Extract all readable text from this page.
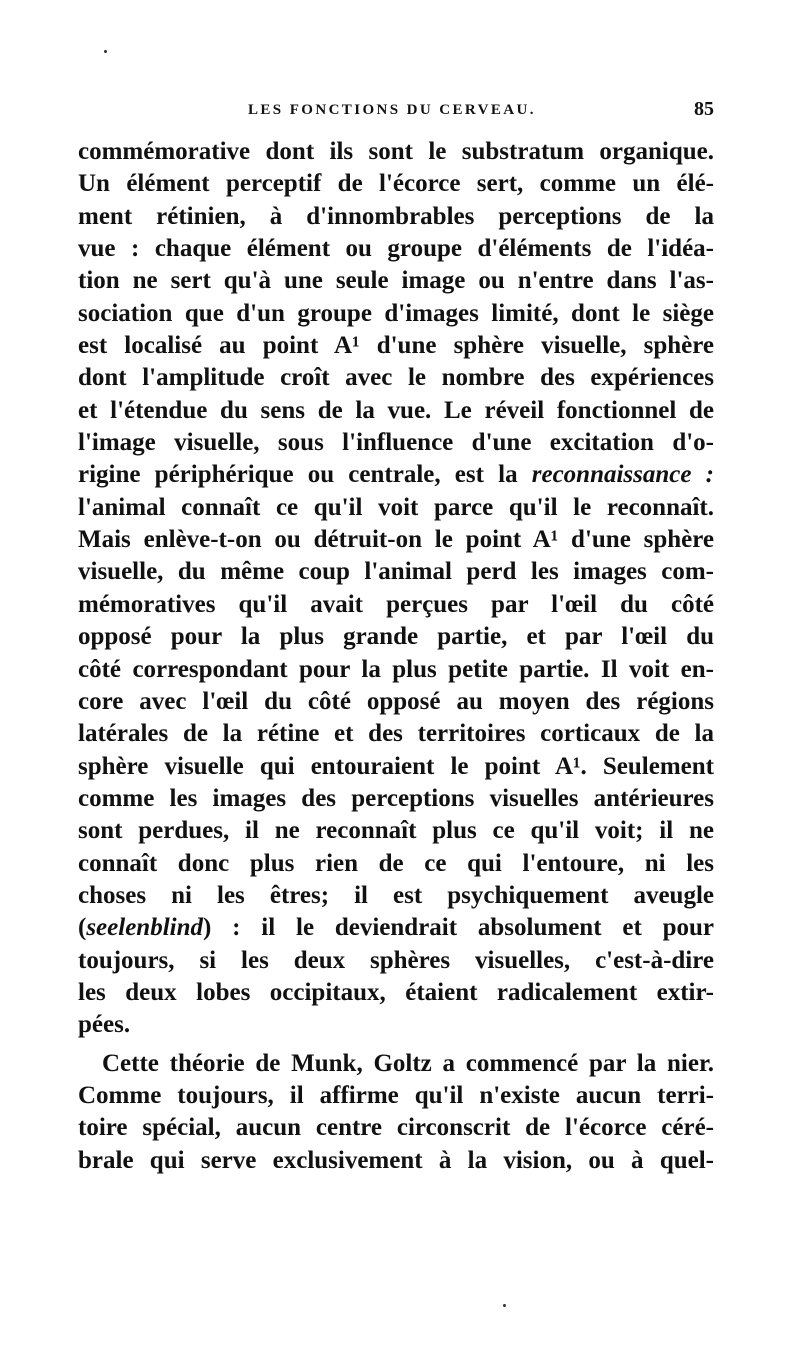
LES FONCTIONS DU CERVEAU.	85
commémorative dont ils sont le substratum organique.
Un élément perceptif de l'écorce sert, comme un élé-
ment rétinien, à d'innombrables perceptions de la
vue : chaque élément ou groupe d'éléments de l'idéa-
tion ne sert qu'à une seule image ou n'entre dans l'as-
sociation que d'un groupe d'images limité, dont le siège
est localisé au point A¹ d'une sphère visuelle, sphère
dont l'amplitude croît avec le nombre des expériences
et l'étendue du sens de la vue. Le réveil fonctionnel de
l'image visuelle, sous l'influence d'une excitation d'o-
rigine périphérique ou centrale, est la reconnaissance :
l'animal connaît ce qu'il voit parce qu'il le reconnaît.
Mais enlève-t-on ou détruit-on le point A¹ d'une sphère
visuelle, du même coup l'animal perd les images com-
mémoratives qu'il avait perçues par l'œil du côté
opposé pour la plus grande partie, et par l'œil du
côté correspondant pour la plus petite partie. Il voit en-
core avec l'œil du côté opposé au moyen des régions
latérales de la rétine et des territoires corticaux de la
sphère visuelle qui entouraient le point A¹. Seulement
comme les images des perceptions visuelles antérieures
sont perdues, il ne reconnaît plus ce qu'il voit; il ne
connaît donc plus rien de ce qui l'entoure, ni les
choses ni les êtres; il est psychiquement aveugle
(seelenblind) : il le deviendrait absolument et pour
toujours, si les deux sphères visuelles, c'est-à-dire
les deux lobes occipitaux, étaient radicalement extir-
pées.
Cette théorie de Munk, Goltz a commencé par la nier.
Comme toujours, il affirme qu'il n'existe aucun terri-
toire spécial, aucun centre circonscrit de l'écorce céré-
brale qui serve exclusivement à la vision, ou à quel-
